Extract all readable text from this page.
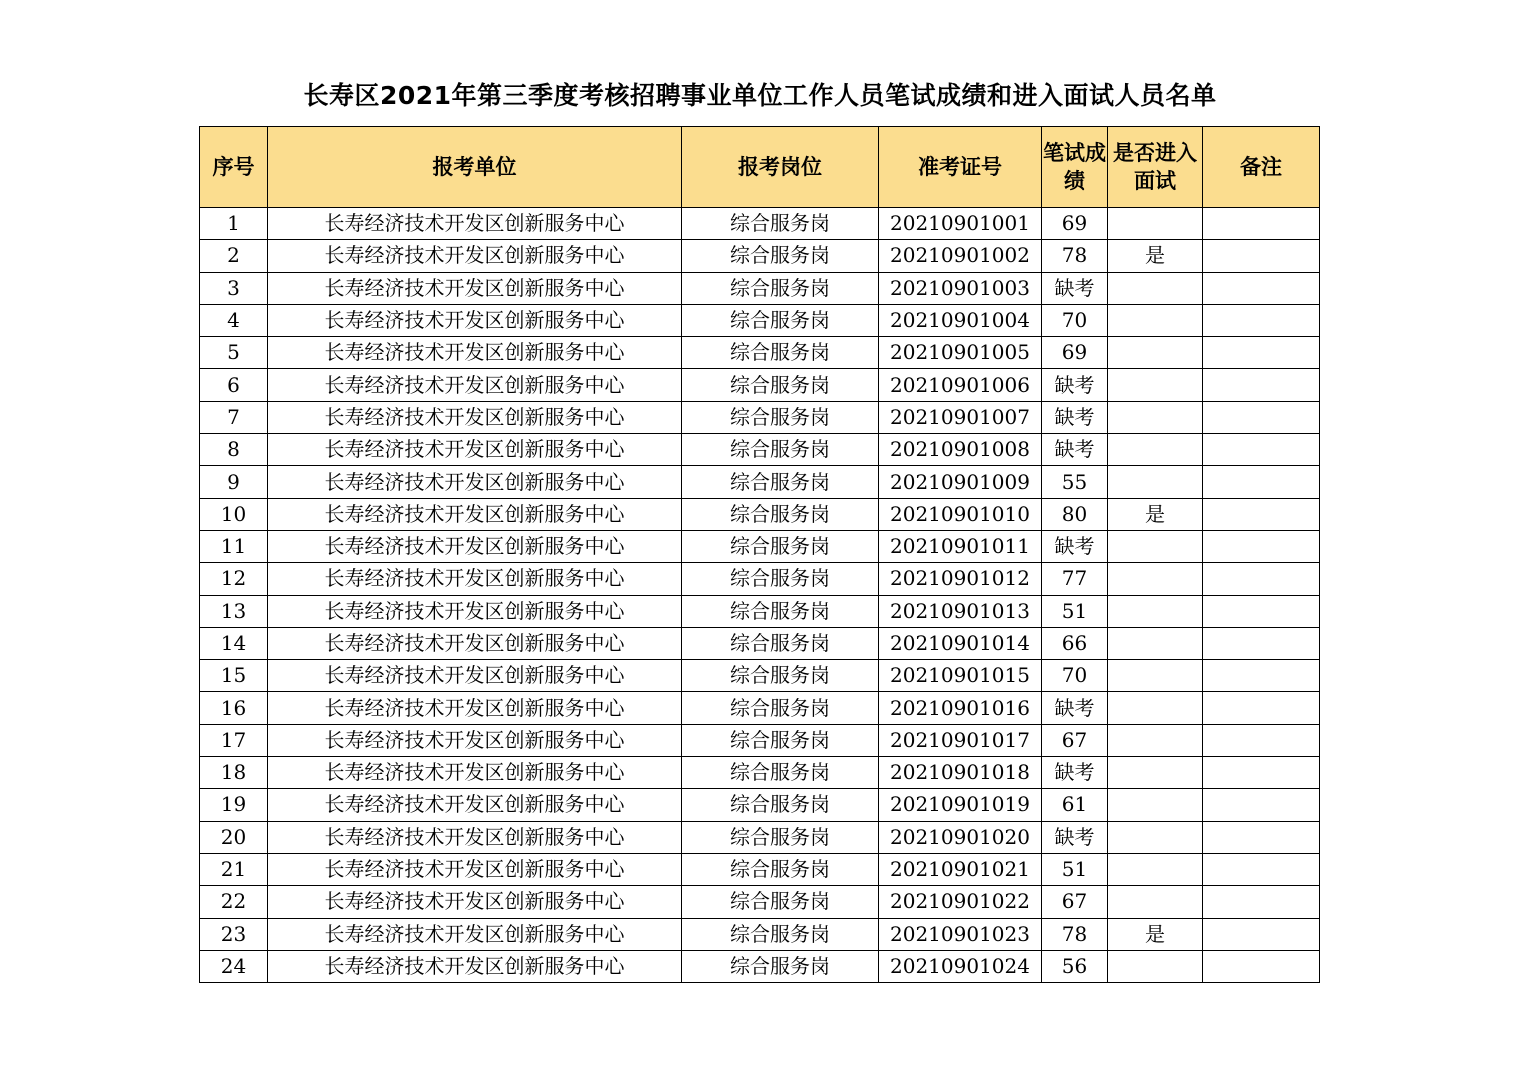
长寿区2021年第三季度考核招聘事业单位工作人员笔试成绩和进入面试人员名单
序号	报考单位	报考岗位	准考证号	笔试成绩	是否进入面试	备注
1	长寿经济技术开发区创新服务中心	综合服务岗	20210901001	69		
2	长寿经济技术开发区创新服务中心	综合服务岗	20210901002	78	是	
3	长寿经济技术开发区创新服务中心	综合服务岗	20210901003	缺考		
4	长寿经济技术开发区创新服务中心	综合服务岗	20210901004	70		
5	长寿经济技术开发区创新服务中心	综合服务岗	20210901005	69		
6	长寿经济技术开发区创新服务中心	综合服务岗	20210901006	缺考		
7	长寿经济技术开发区创新服务中心	综合服务岗	20210901007	缺考		
8	长寿经济技术开发区创新服务中心	综合服务岗	20210901008	缺考		
9	长寿经济技术开发区创新服务中心	综合服务岗	20210901009	55		
10	长寿经济技术开发区创新服务中心	综合服务岗	20210901010	80	是	
11	长寿经济技术开发区创新服务中心	综合服务岗	20210901011	缺考		
12	长寿经济技术开发区创新服务中心	综合服务岗	20210901012	77		
13	长寿经济技术开发区创新服务中心	综合服务岗	20210901013	51		
14	长寿经济技术开发区创新服务中心	综合服务岗	20210901014	66		
15	长寿经济技术开发区创新服务中心	综合服务岗	20210901015	70		
16	长寿经济技术开发区创新服务中心	综合服务岗	20210901016	缺考		
17	长寿经济技术开发区创新服务中心	综合服务岗	20210901017	67		
18	长寿经济技术开发区创新服务中心	综合服务岗	20210901018	缺考		
19	长寿经济技术开发区创新服务中心	综合服务岗	20210901019	61		
20	长寿经济技术开发区创新服务中心	综合服务岗	20210901020	缺考		
21	长寿经济技术开发区创新服务中心	综合服务岗	20210901021	51		
22	长寿经济技术开发区创新服务中心	综合服务岗	20210901022	67		
23	长寿经济技术开发区创新服务中心	综合服务岗	20210901023	78	是	
24	长寿经济技术开发区创新服务中心	综合服务岗	20210901024	56		
